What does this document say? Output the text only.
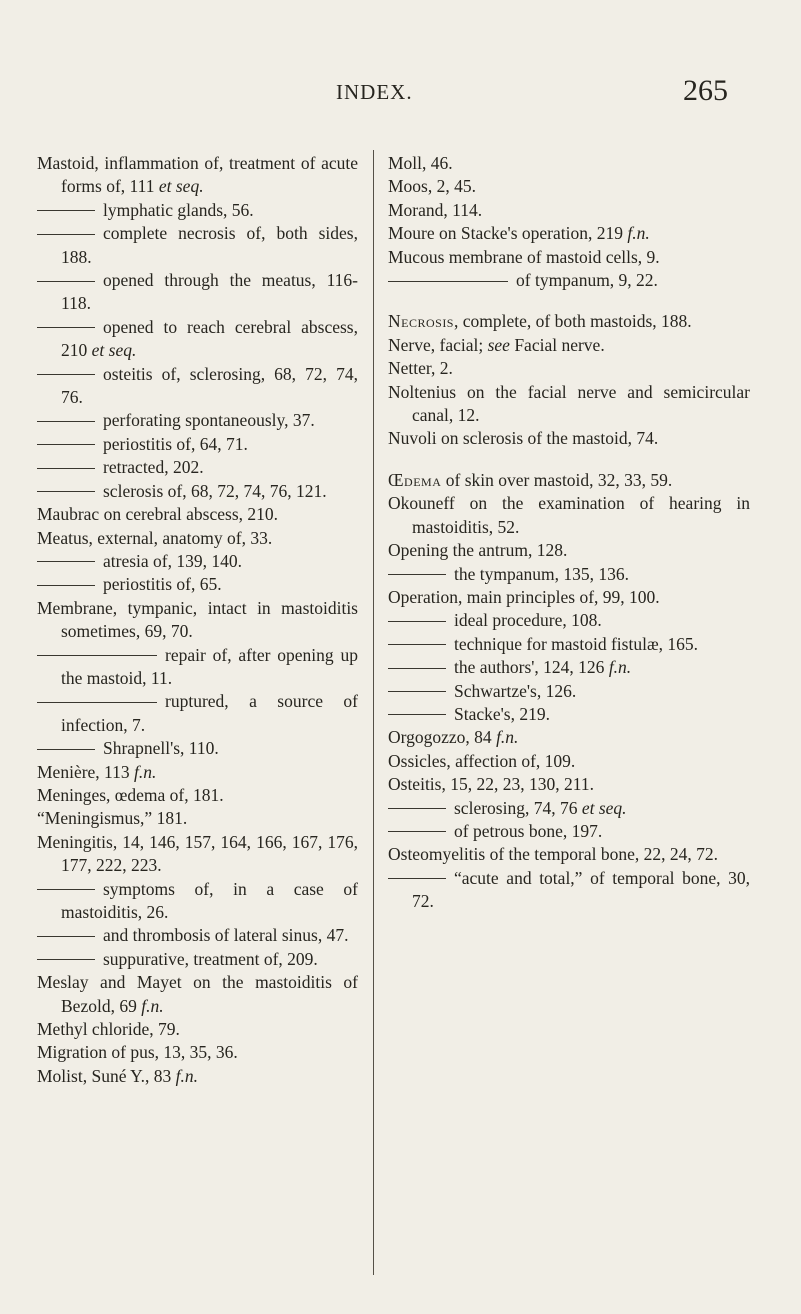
INDEX.	265

Mastoid, inflammation of, treatment of acute forms of, 111 et seq.

lymphatic glands, 56.

complete necrosis of, both sides, 188.

opened through the meatus, 116-118.

opened to reach cerebral abscess, 210 et seq.

osteitis of, sclerosing, 68, 72, 74, 76.

perforating spontaneously, 37.

periostitis of, 64, 71.

retracted, 202.

sclerosis of, 68, 72, 74, 76, 121.

Maubrac on cerebral abscess, 210.

Meatus, external, anatomy of, 33.

atresia of, 139, 140.

periostitis of, 65.

Membrane, tympanic, intact in mastoiditis sometimes, 69, 70.

repair of, after opening up the mastoid, 11.

ruptured, a source of infection, 7.

Shrapnell's, 110.

Menière, 113 f.n.

Meninges, œdema of, 181.

“Meningismus,” 181.

Meningitis, 14, 146, 157, 164, 166, 167, 176, 177, 222, 223.

symptoms of, in a case of mastoiditis, 26.

and thrombosis of lateral sinus, 47.

suppurative, treatment of, 209.

Meslay and Mayet on the mastoiditis of Bezold, 69 f.n.

Methyl chloride, 79.

Migration of pus, 13, 35, 36.

Molist, Suné Y., 83 f.n.

Moll, 46.

Moos, 2, 45.

Morand, 114.

Moure on Stacke's operation, 219 f.n.

Mucous membrane of mastoid cells, 9.

of tympanum, 9, 22.

Necrosis, complete, of both mastoids, 188.

Nerve, facial; see Facial nerve.

Netter, 2.

Noltenius on the facial nerve and semicircular canal, 12.

Nuvoli on sclerosis of the mastoid, 74.

Œdema of skin over mastoid, 32, 33, 59.

Okouneff on the examination of hearing in mastoiditis, 52.

Opening the antrum, 128.

the tympanum, 135, 136.

Operation, main principles of, 99, 100.

ideal procedure, 108.

technique for mastoid fistulæ, 165.

the authors', 124, 126 f.n.

Schwartze's, 126.

Stacke's, 219.

Orgogozzo, 84 f.n.

Ossicles, affection of, 109.

Osteitis, 15, 22, 23, 130, 211.

sclerosing, 74, 76 et seq.

of petrous bone, 197.

Osteomyelitis of the temporal bone, 22, 24, 72.

“acute and total,” of temporal bone, 30, 72.
